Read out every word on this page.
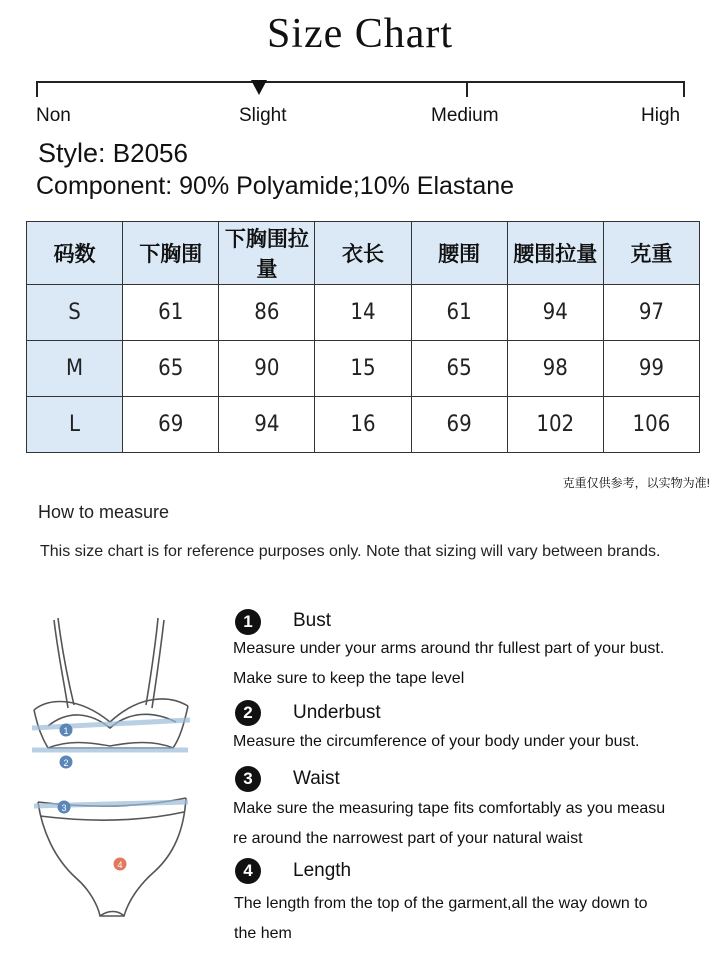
Size Chart
Non	Slight	Medium	High
Style: B2056
Component: 90% Polyamide;10% Elastane
码数	下胸围	下胸围拉量	衣长	腰围	腰围拉量	克重
S	61	86	14	61	94	97
M	65	90	15	65	98	99
L	69	94	16	69	102	106
克重仅供参考，以实物为准!
How to measure
This size chart is for reference purposes only. Note that sizing will vary between brands.
1
2
3
4
1	Bust
Measure under your arms around thr fullest part of your bust.
Make sure to keep the tape level
2	Underbust
Measure the circumference of your body under your bust.
3	Waist
Make sure the measuring tape fits comfortably as you measu
re around the narrowest part of your natural waist
4	Length
The length from the top of the garment,all the way down to
the hem
